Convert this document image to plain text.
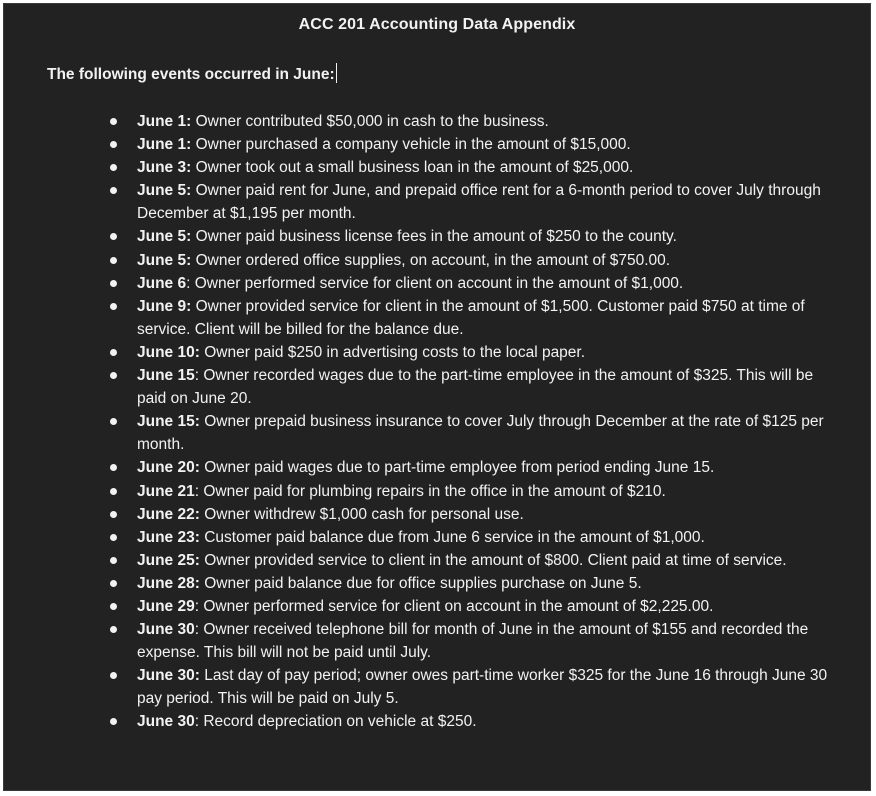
ACC 201 Accounting Data Appendix
The following events occurred in June:
June 1: Owner contributed $50,000 in cash to the business.
June 1: Owner purchased a company vehicle in the amount of $15,000.
June 3: Owner took out a small business loan in the amount of $25,000.
June 5: Owner paid rent for June, and prepaid office rent for a 6-month period to cover July through December at $1,195 per month.
June 5: Owner paid business license fees in the amount of $250 to the county.
June 5: Owner ordered office supplies, on account, in the amount of $750.00.
June 6: Owner performed service for client on account in the amount of $1,000.
June 9: Owner provided service for client in the amount of $1,500. Customer paid $750 at time of service. Client will be billed for the balance due.
June 10: Owner paid $250 in advertising costs to the local paper.
June 15: Owner recorded wages due to the part-time employee in the amount of $325. This will be paid on June 20.
June 15: Owner prepaid business insurance to cover July through December at the rate of $125 per month.
June 20: Owner paid wages due to part-time employee from period ending June 15.
June 21: Owner paid for plumbing repairs in the office in the amount of $210.
June 22: Owner withdrew $1,000 cash for personal use.
June 23: Customer paid balance due from June 6 service in the amount of $1,000.
June 25: Owner provided service to client in the amount of $800. Client paid at time of service.
June 28: Owner paid balance due for office supplies purchase on June 5.
June 29: Owner performed service for client on account in the amount of $2,225.00.
June 30: Owner received telephone bill for month of June in the amount of $155 and recorded the expense. This bill will not be paid until July.
June 30: Last day of pay period; owner owes part-time worker $325 for the June 16 through June 30 pay period. This will be paid on July 5.
June 30: Record depreciation on vehicle at $250.
